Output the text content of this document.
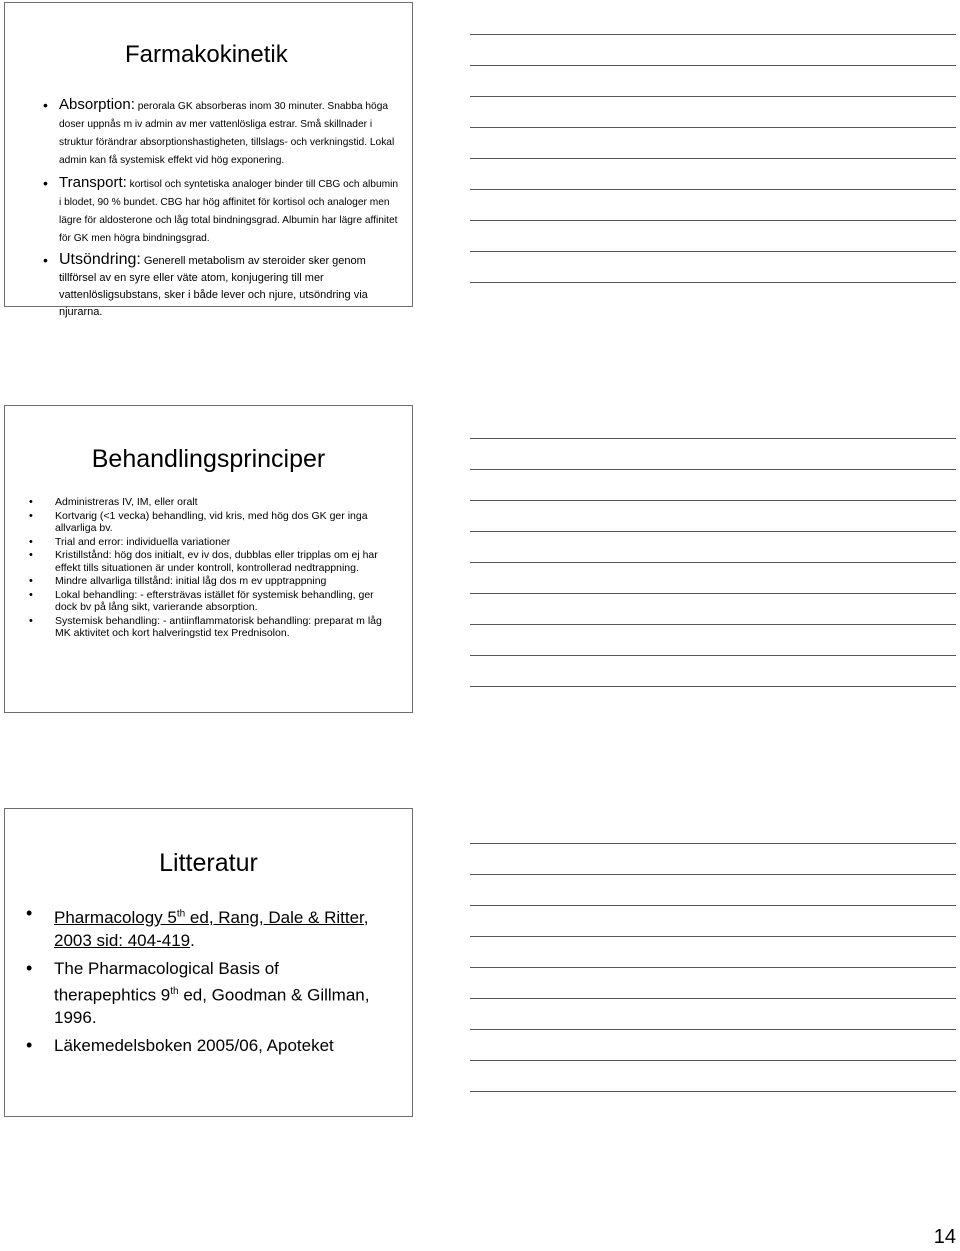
Farmakokinetik
• Absorption: perorala GK absorberas inom 30 minuter. Snabba höga doser uppnås m iv admin av mer vattenlösliga estrar. Små skillnader i struktur förändrar absorptionshastigheten, tillslags- och verkningstid. Lokal admin kan få systemisk effekt vid hög exponering.
• Transport: kortisol och syntetiska analoger binder till CBG och albumin i blodet, 90 % bundet. CBG har hög affinitet för kortisol och analoger men lägre för aldosterone och låg total bindningsgrad. Albumin har lägre affinitet för GK men högra bindningsgrad.
• Utsöndring: Generell metabolism av steroider sker genom tillförsel av en syre eller väte atom, konjugering till mer vattenlösligsubstans, sker i både lever och njure, utsöndring via njurarna.
Behandlingsprinciper
• Administreras IV, IM, eller oralt
• Kortvarig (<1 vecka) behandling, vid kris, med hög dos GK ger inga allvarliga bv.
• Trial and error: individuella variationer
• Kristillstånd: hög dos initialt, ev iv dos, dubblas eller tripplas om ej har effekt tills situationen är under kontroll, kontrollerad nedtrappning.
• Mindre allvarliga tillstånd: initial låg dos m ev upptrappning
• Lokal behandling: - eftersträvas istället för systemisk behandling, ger dock bv på lång sikt, varierande absorption.
• Systemisk behandling: - antiinflammatorisk behandling: preparat m låg MK aktivitet och kort halveringstid tex Prednisolon.
Litteratur
• Pharmacology 5th ed, Rang, Dale & Ritter, 2003 sid: 404-419.
• The Pharmacological Basis of therapephtics 9th ed, Goodman & Gillman, 1996.
• Läkemedelsboken 2005/06, Apoteket
14
